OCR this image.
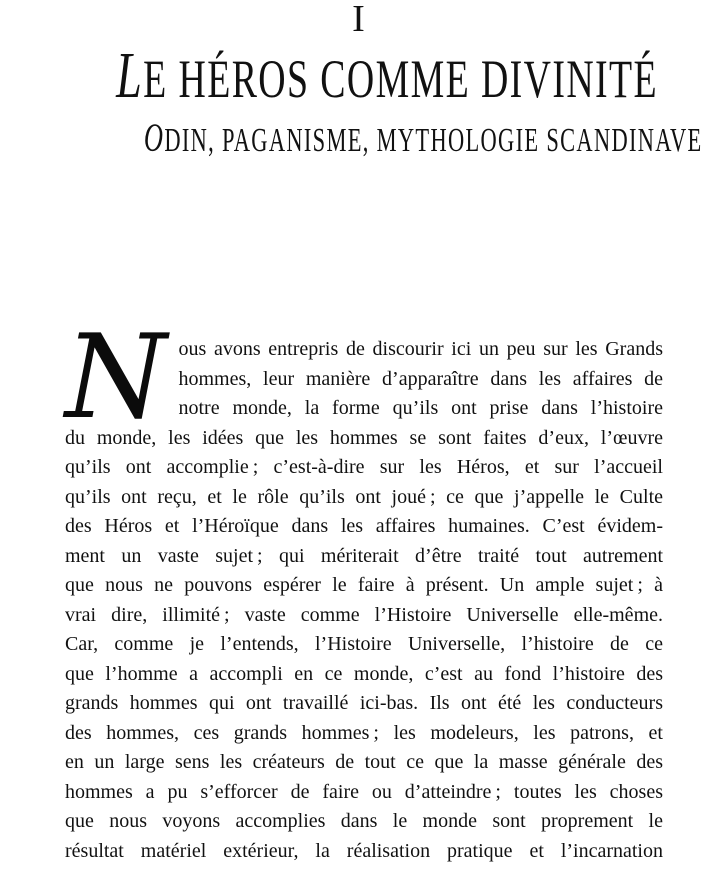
I
LE HÉROS COMME DIVINITÉ
ODIN, PAGANISME, MYTHOLOGIE SCANDINAVE
N ous avons entrepris de discourir ici un peu sur les Grands
hommes, leur manière d’apparaître dans les affaires de
notre monde, la forme qu’ils ont prise dans l’histoire
du monde, les idées que les hommes se sont faites d’eux, l’œuvre
qu’ils ont accomplie ; c’est-à-dire sur les Héros, et sur l’accueil
qu’ils ont reçu, et le rôle qu’ils ont joué ; ce que j’appelle le Culte
des Héros et l’Héroïque dans les affaires humaines. C’est évidem-
ment un vaste sujet ; qui mériterait d’être traité tout autrement
que nous ne pouvons espérer le faire à présent. Un ample sujet ; à
vrai dire, illimité ; vaste comme l’Histoire Universelle elle-même.
Car, comme je l’entends, l’Histoire Universelle, l’histoire de ce
que l’homme a accompli en ce monde, c’est au fond l’histoire des
grands hommes qui ont travaillé ici-bas. Ils ont été les conducteurs
des hommes, ces grands hommes ; les modeleurs, les patrons, et
en un large sens les créateurs de tout ce que la masse générale des
hommes a pu s’efforcer de faire ou d’atteindre ; toutes les choses
que nous voyons accomplies dans le monde sont proprement le
résultat matériel extérieur, la réalisation pratique et l’incarnation
